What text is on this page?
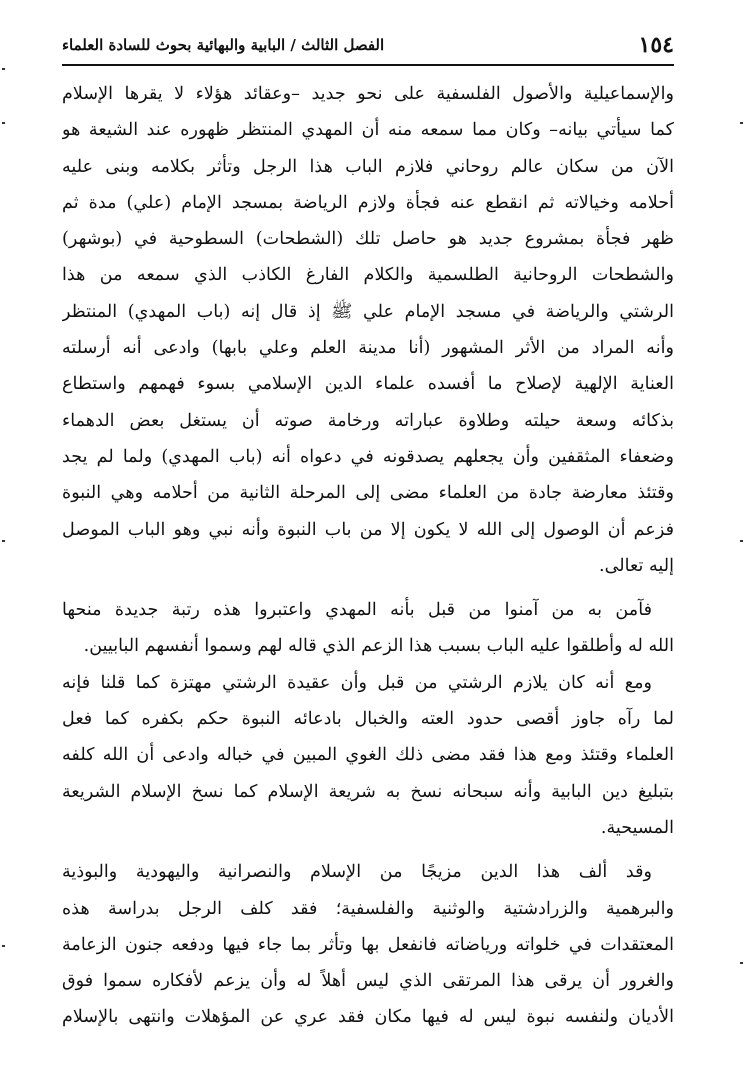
١٥٤
الفصل الثالث / البابية والبهائية بحوث للسادة العلماء
والإسماعيلية والأصول الفلسفية على نحو جديد –وعقائد هؤلاء لا يقرها الإسلام
كما سيأتي بيانه– وكان مما سمعه منه أن المهدي المنتظر ظهوره عند الشيعة هو
الآن من سكان عالم روحاني فلازم الباب هذا الرجل وتأثر بكلامه وبنى عليه
أحلامه وخيالاته ثم انقطع عنه فجأة ولازم الرياضة بمسجد الإمام (علي) مدة ثم
ظهر فجأة بمشروع جديد هو حاصل تلك (الشطحات) السطوحية في (بوشهر)
والشطحات الروحانية الطلسمية والكلام الفارغ الكاذب الذي سمعه من هذا
الرشتي والرياضة في مسجد الإمام علي ﷺ إذ قال إنه (باب المهدي) المنتظر
وأنه المراد من الأثر المشهور (أنا مدينة العلم وعلي بابها) وادعى أنه أرسلته
العناية الإلهية لإصلاح ما أفسده علماء الدين الإسلامي بسوء فهمهم واستطاع
بذكائه وسعة حيلته وطلاوة عباراته ورخامة صوته أن يستغل بعض الدهماء
وضعفاء المثقفين وأن يجعلهم يصدقونه في دعواه أنه (باب المهدي) ولما لم يجد
وقتئذ معارضة جادة من العلماء مضى إلى المرحلة الثانية من أحلامه وهي النبوة
فزعم أن الوصول إلى الله لا يكون إلا من باب النبوة وأنه نبي وهو الباب الموصل
إليه تعالى.
فآمن به من آمنوا من قبل بأنه المهدي واعتبروا هذه رتبة جديدة منحها
الله له وأطلقوا عليه الباب بسبب هذا الزعم الذي قاله لهم وسموا أنفسهم البابيين.
ومع أنه كان يلازم الرشتي من قبل وأن عقيدة الرشتي مهتزة كما قلنا فإنه
لما رآه جاوز أقصى حدود العته والخبال بادعائه النبوة حكم بكفره كما فعل
العلماء وقتئذ ومع هذا فقد مضى ذلك الغوي المبين في خباله وادعى أن الله كلفه
بتبليغ دين البابية وأنه سبحانه نسخ به شريعة الإسلام كما نسخ الإسلام الشريعة
المسيحية.
وقد ألف هذا الدين مزيجًا من الإسلام والنصرانية واليهودية والبوذية
والبرهمية والزرادشتية والوثنية والفلسفية؛ فقد كلف الرجل بدراسة هذه
المعتقدات في خلواته ورياضاته فانفعل بها وتأثر بما جاء فيها ودفعه جنون الزعامة
والغرور أن يرقى هذا المرتقى الذي ليس أهلاً له وأن يزعم لأفكاره سموا فوق
الأديان ولنفسه نبوة ليس له فيها مكان فقد عري عن المؤهلات وانتهى بالإسلام
